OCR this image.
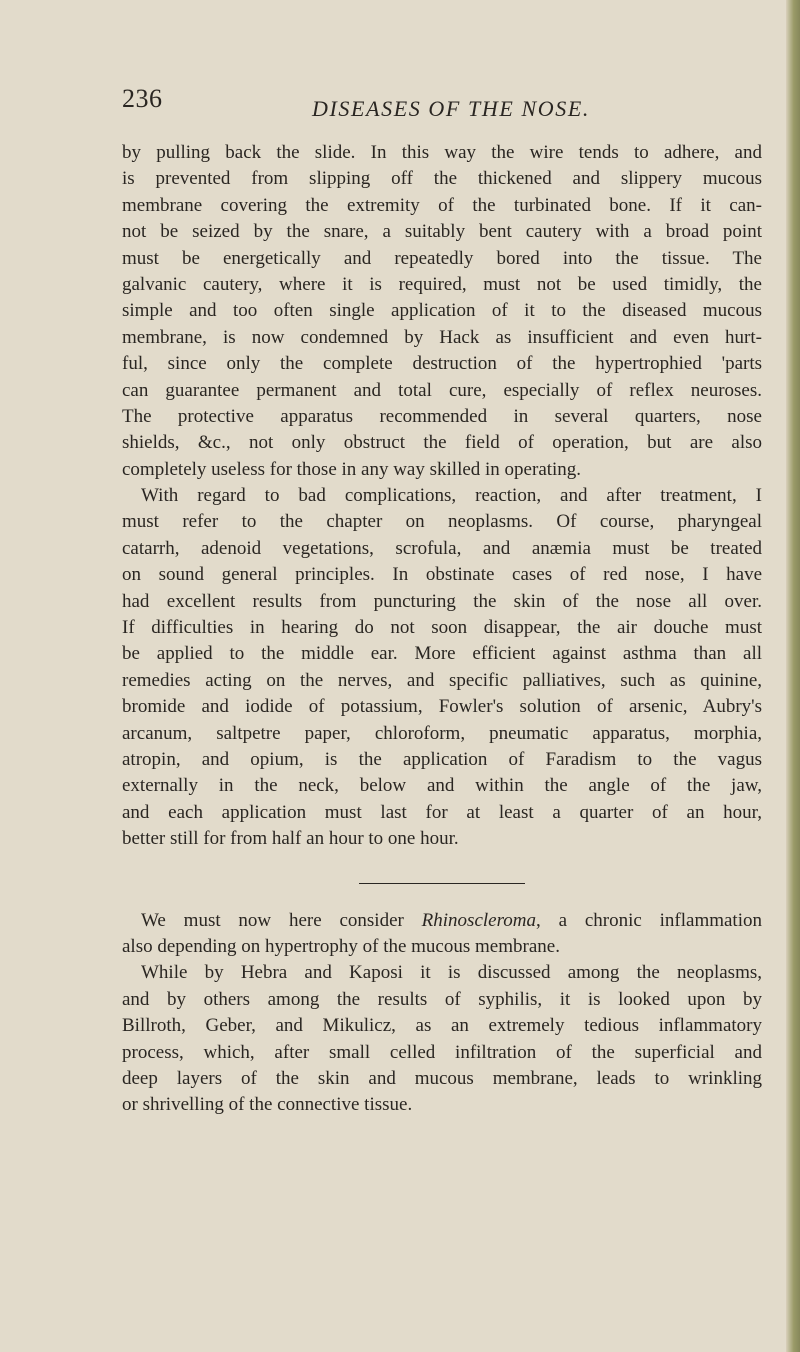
236	DISEASES OF THE NOSE.
by pulling back the slide. In this way the wire tends to adhere, and
is prevented from slipping off the thickened and slippery mucous
membrane covering the extremity of the turbinated bone. If it can-
not be seized by the snare, a suitably bent cautery with a broad point
must be energetically and repeatedly bored into the tissue. The
galvanic cautery, where it is required, must not be used timidly, the
simple and too often single application of it to the diseased mucous
membrane, is now condemned by Hack as insufficient and even hurt-
ful, since only the complete destruction of the hypertrophied 'parts
can guarantee permanent and total cure, especially of reflex neuroses.
The protective apparatus recommended in several quarters, nose
shields, &c., not only obstruct the field of operation, but are also
completely useless for those in any way skilled in operating.
With regard to bad complications, reaction, and after treatment, I
must refer to the chapter on neoplasms. Of course, pharyngeal
catarrh, adenoid vegetations, scrofula, and anæmia must be treated
on sound general principles. In obstinate cases of red nose, I have
had excellent results from puncturing the skin of the nose all over.
If difficulties in hearing do not soon disappear, the air douche must
be applied to the middle ear. More efficient against asthma than all
remedies acting on the nerves, and specific palliatives, such as quinine,
bromide and iodide of potassium, Fowler's solution of arsenic, Aubry's
arcanum, saltpetre paper, chloroform, pneumatic apparatus, morphia,
atropin, and opium, is the application of Faradism to the vagus
externally in the neck, below and within the angle of the jaw,
and each application must last for at least a quarter of an hour,
better still for from half an hour to one hour.
We must now here consider Rhinoscleroma, a chronic inflammation
also depending on hypertrophy of the mucous membrane.
While by Hebra and Kaposi it is discussed among the neoplasms,
and by others among the results of syphilis, it is looked upon by
Billroth, Geber, and Mikulicz, as an extremely tedious inflammatory
process, which, after small celled infiltration of the superficial and
deep layers of the skin and mucous membrane, leads to wrinkling
or shrivelling of the connective tissue.
